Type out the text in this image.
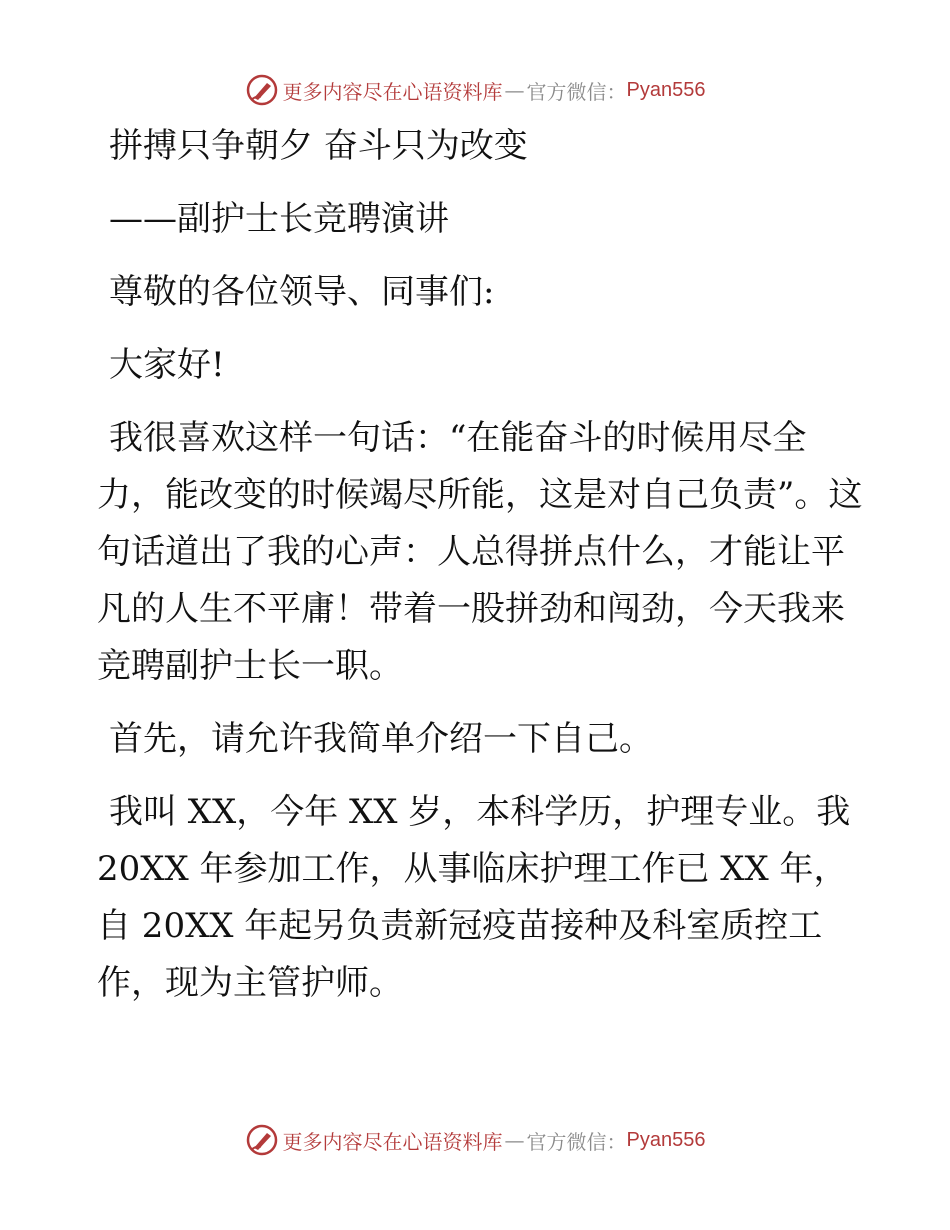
更多内容尽在心语资料库 — 官方微信： Pyan556

拼搏只争朝夕 奋斗只为改变

——副护士长竞聘演讲

尊敬的各位领导、同事们:

大家好!

我很喜欢这样一句话：“在能奋斗的时候用尽全力，能改变的时候竭尽所能，这是对自己负责”。这句话道出了我的心声：人总得拼点什么，才能让平凡的人生不平庸！带着一股拼劲和闯劲，今天我来竞聘副护士长一职。

首先，请允许我简单介绍一下自己。

我叫 XX，今年 XX 岁，本科学历，护理专业。我 20XX 年参加工作，从事临床护理工作已 XX 年，自 20XX 年起另负责新冠疫苗接种及科室质控工作，现为主管护师。

更多内容尽在心语资料库 — 官方微信： Pyan556
